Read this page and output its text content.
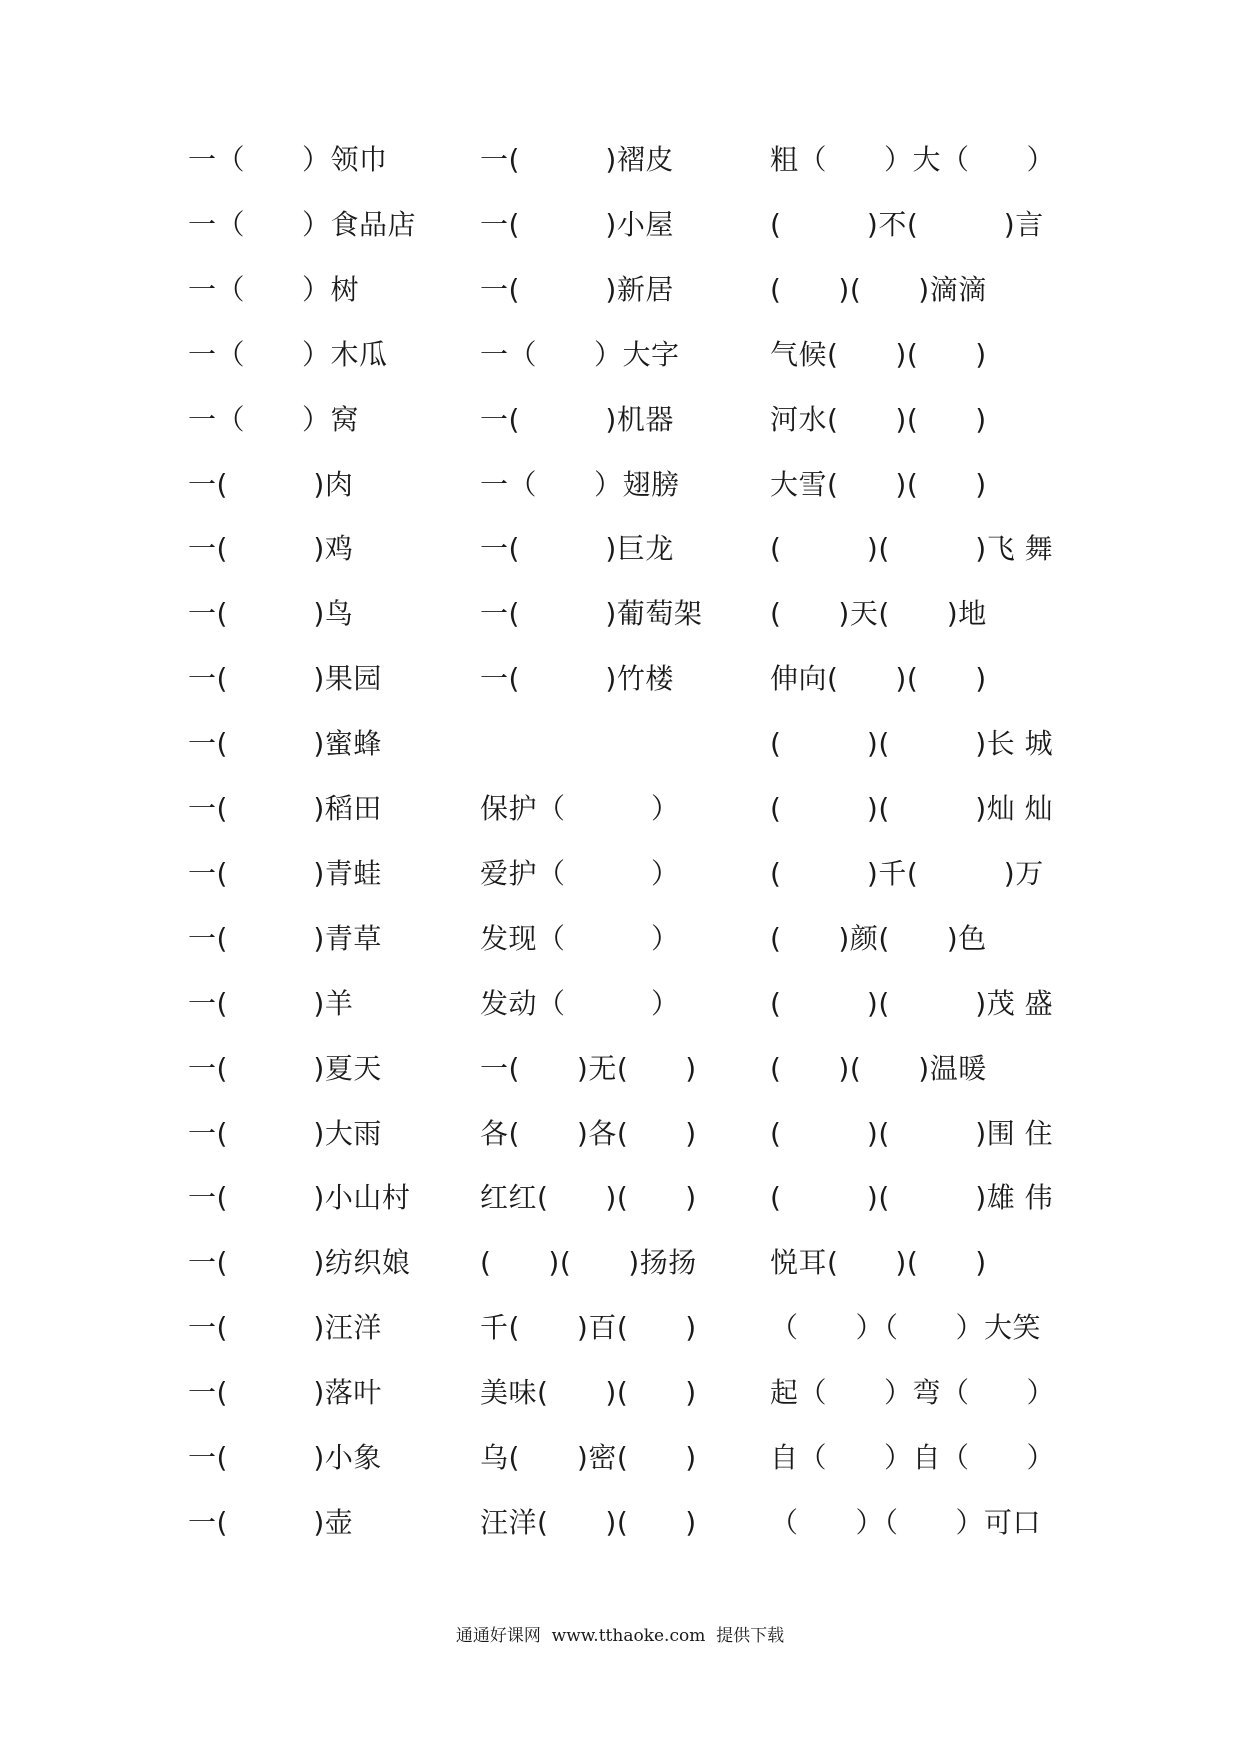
一（　　）领巾
一（　　）食品店
一（　　）树
一（　　）木瓜
一（　　）窝
一(　　　)肉
一(　　　)鸡
一(　　　)鸟
一(　　　)果园
一(　　　)蜜蜂
一(　　　)稻田
一(　　　)青蛙
一(　　　)青草
一(　　　)羊
一(　　　)夏天
一(　　　)大雨
一(　　　)小山村
一(　　　)纺织娘
一(　　　)汪洋
一(　　　)落叶
一(　　　)小象
一(　　　)壶
一(　　　)褶皮
一(　　　)小屋
一(　　　)新居
一（　　）大字
一(　　　)机器
一（　　）翅膀
一(　　　)巨龙
一(　　　)葡萄架
一(　　　)竹楼
保护（　　　）
爱护（　　　）
发现（　　　）
发动（　　　）
一(　　)无(　　)
各(　　)各(　　)
红红(　　)(　　)
(　　)(　　)扬扬
千(　　)百(　　)
美味(　　)(　　)
乌(　　)密(　　)
汪洋(　　)(　　)
粗（　　）大（　　）
(　　　)不(　　　)言
(　　)(　　)滴滴
气候(　　)(　　)
河水(　　)(　　)
大雪(　　)(　　)
(　　　)(　　　)飞 舞
(　　)天(　　)地
伸向(　　)(　　)
(　　　)(　　　)长 城
(　　　)(　　　)灿 灿
(　　　)千(　　　)万
(　　)颜(　　)色
(　　　)(　　　)茂 盛
(　　)(　　)温暖
(　　　)(　　　)围 住
(　　　)(　　　)雄 伟
悦耳(　　)(　　)
（　　）（　　）大笑
起（　　）弯（　　）
自（　　）自（　　）
（　　）（　　）可口
通通好课网  www.tthaoke.com  提供下载
